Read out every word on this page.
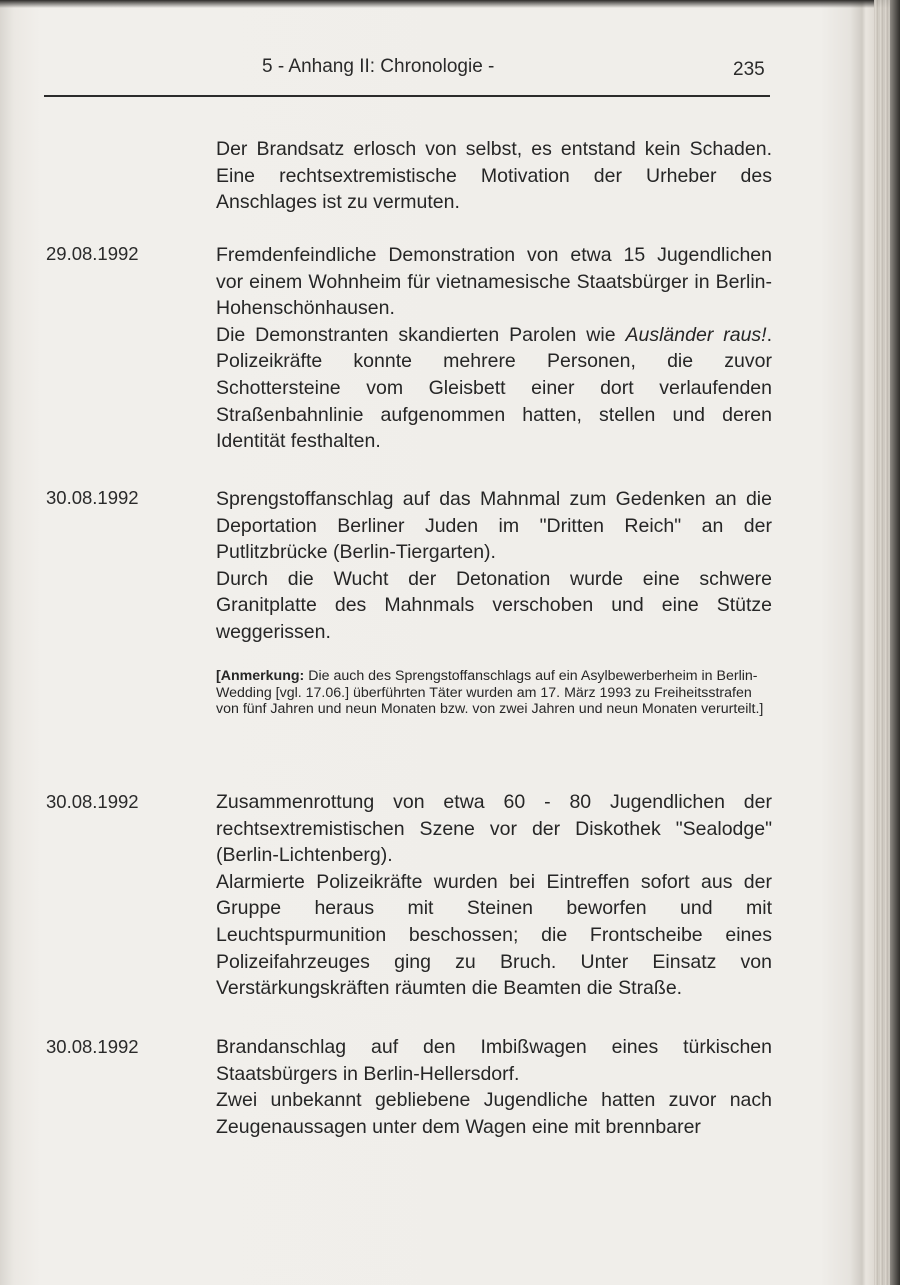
5 - Anhang II: Chronologie -	235
Der Brandsatz erlosch von selbst, es entstand kein Schaden. Eine rechtsextremistische Motivation der Urheber des Anschlages ist zu vermuten.
29.08.1992	Fremdenfeindliche Demonstration von etwa 15 Jugendlichen vor einem Wohnheim für vietnamesische Staatsbürger in Berlin-Hohenschönhausen.
Die Demonstranten skandierten Parolen wie Ausländer raus!. Polizeikräfte konnte mehrere Personen, die zuvor Schottersteine vom Gleisbett einer dort verlaufenden Straßenbahnlinie aufgenommen hatten, stellen und deren Identität festhalten.
30.08.1992	Sprengstoffanschlag auf das Mahnmal zum Gedenken an die Deportation Berliner Juden im "Dritten Reich" an der Putlitzbrücke (Berlin-Tiergarten).
Durch die Wucht der Detonation wurde eine schwere Granitplatte des Mahnmals verschoben und eine Stütze weggerissen.
[Anmerkung: Die auch des Sprengstoffanschlags auf ein Asylbewerberheim in Berlin-Wedding [vgl. 17.06.] überführten Täter wurden am 17. März 1993 zu Freiheitsstrafen von fünf Jahren und neun Monaten bzw. von zwei Jahren und neun Monaten verurteilt.]
30.08.1992	Zusammenrottung von etwa 60 - 80 Jugendlichen der rechtsextremistischen Szene vor der Diskothek "Sealodge" (Berlin-Lichtenberg).
Alarmierte Polizeikräfte wurden bei Eintreffen sofort aus der Gruppe heraus mit Steinen beworfen und mit Leuchtspurmunition beschossen; die Frontscheibe eines Polizeifahrzeuges ging zu Bruch. Unter Einsatz von Verstärkungskräften räumten die Beamten die Straße.
30.08.1992	Brandanschlag auf den Imbißwagen eines türkischen Staatsbürgers in Berlin-Hellersdorf.
Zwei unbekannt gebliebene Jugendliche hatten zuvor nach Zeugenaussagen unter dem Wagen eine mit brennbarer
